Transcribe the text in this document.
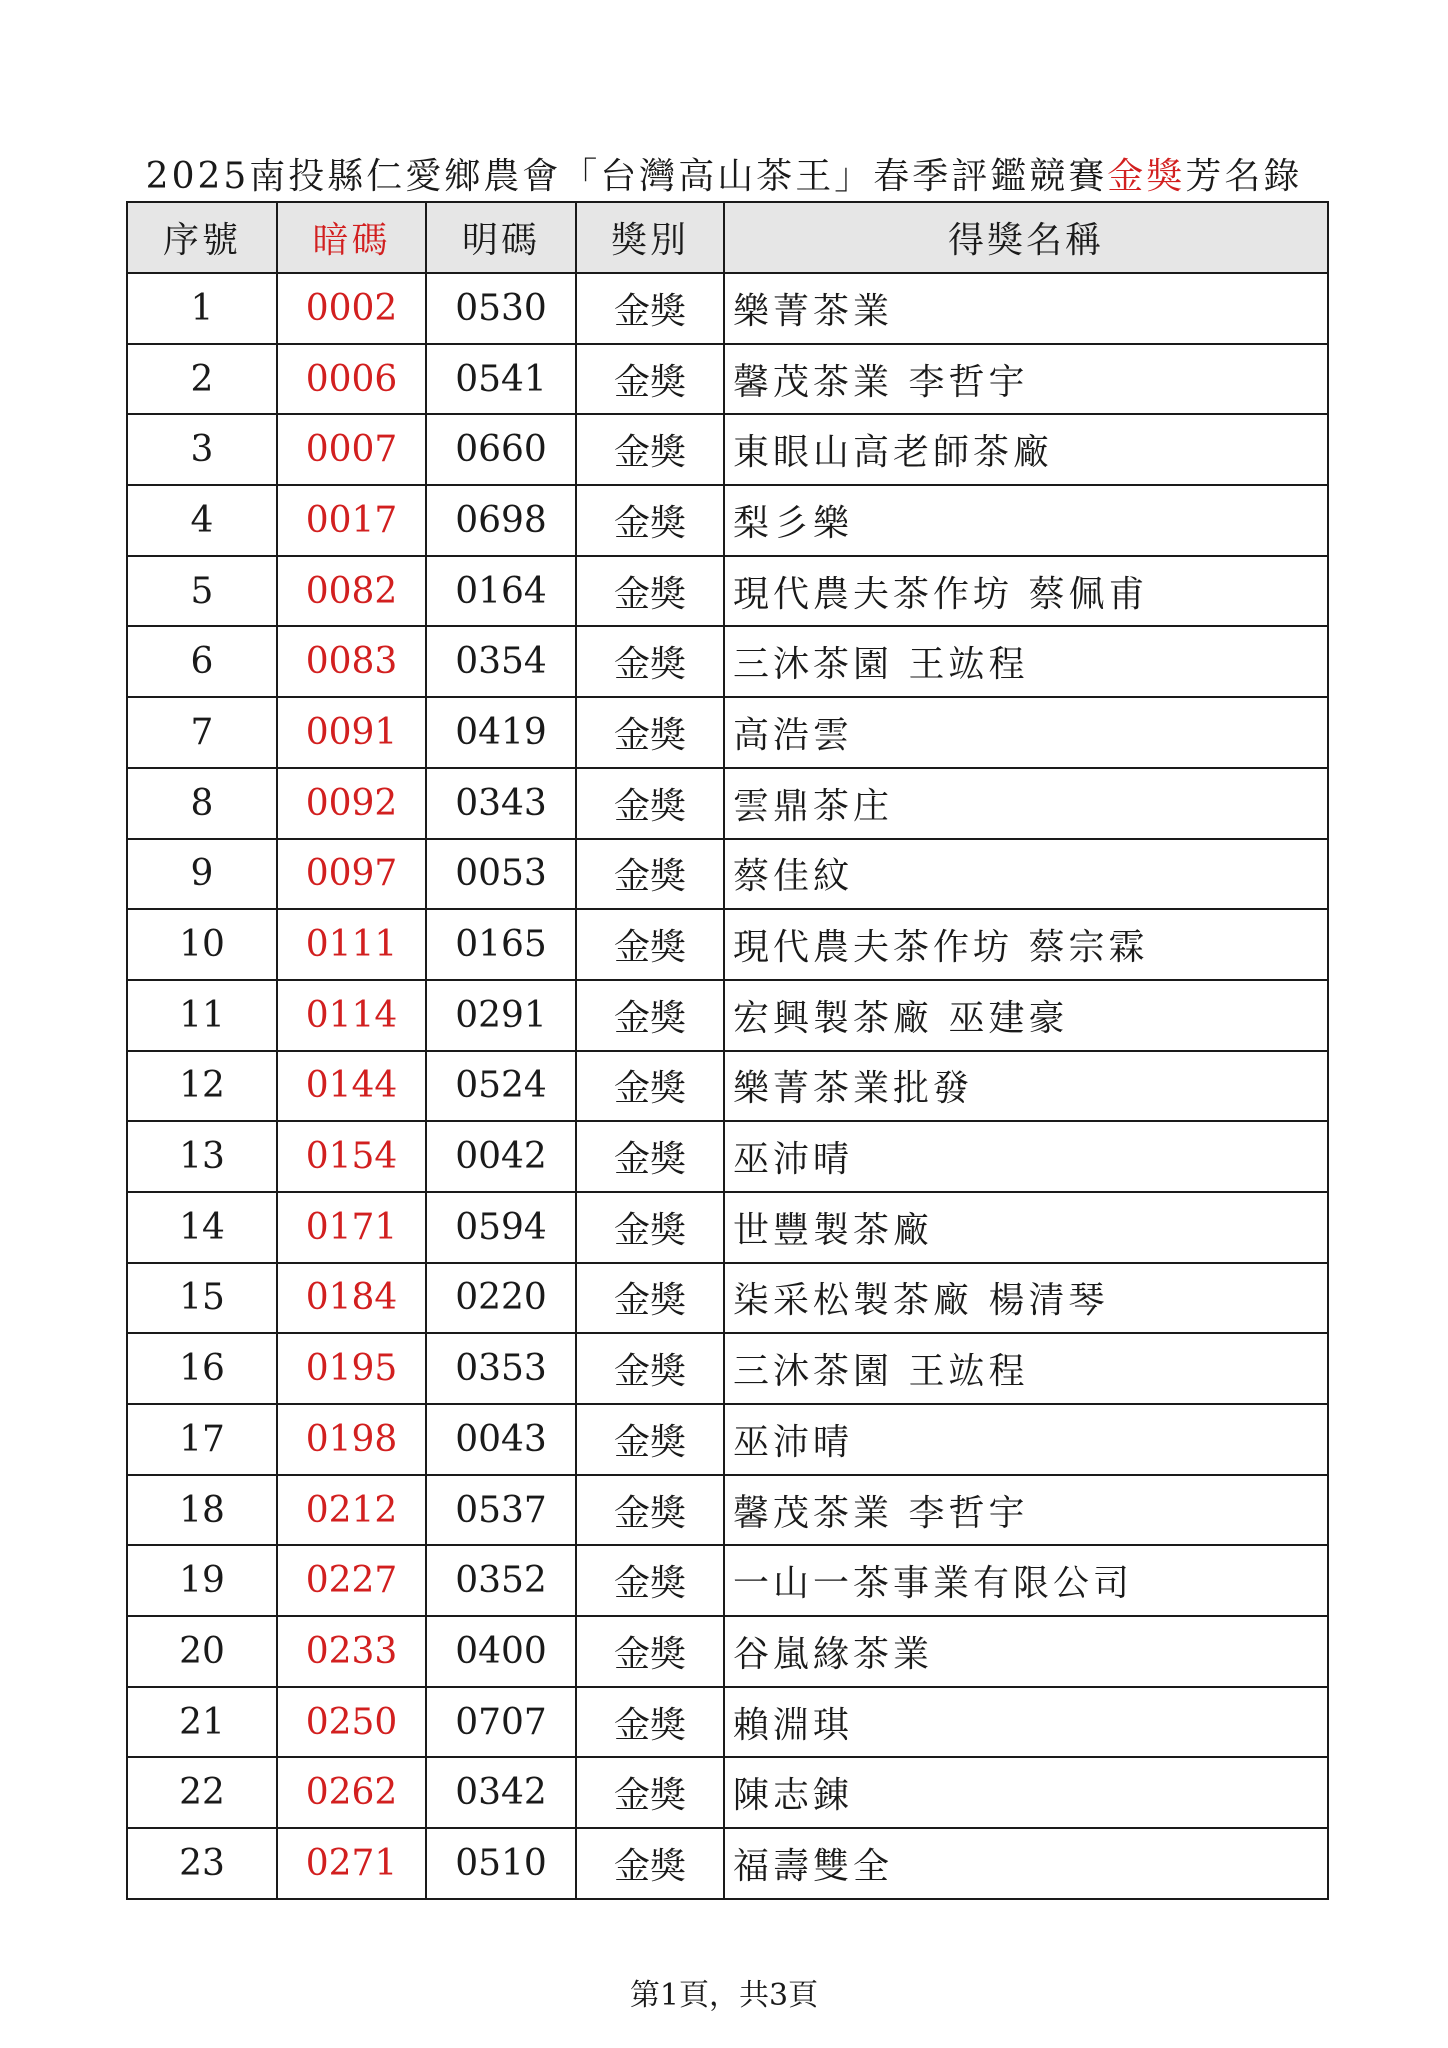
2025南投縣仁愛鄉農會「台灣高山茶王」春季評鑑競賽金獎芳名錄
序號	暗碼	明碼	獎別	得獎名稱
1	0002	0530	金獎	樂菁茶業
2	0006	0541	金獎	馨茂茶業 李哲宇
3	0007	0660	金獎	東眼山高老師茶廠
4	0017	0698	金獎	梨彡樂
5	0082	0164	金獎	現代農夫茶作坊 蔡佩甫
6	0083	0354	金獎	三沐茶園 王竑程
7	0091	0419	金獎	高浩雲
8	0092	0343	金獎	雲鼎茶庄
9	0097	0053	金獎	蔡佳紋
10	0111	0165	金獎	現代農夫茶作坊 蔡宗霖
11	0114	0291	金獎	宏興製茶廠 巫建豪
12	0144	0524	金獎	樂菁茶業批發
13	0154	0042	金獎	巫沛晴
14	0171	0594	金獎	世豐製茶廠
15	0184	0220	金獎	柒采松製茶廠 楊清琴
16	0195	0353	金獎	三沐茶園 王竑程
17	0198	0043	金獎	巫沛晴
18	0212	0537	金獎	馨茂茶業 李哲宇
19	0227	0352	金獎	一山一茶事業有限公司
20	0233	0400	金獎	谷嵐緣茶業
21	0250	0707	金獎	賴淵琪
22	0262	0342	金獎	陳志錬
23	0271	0510	金獎	福壽雙全
第1頁，共3頁
